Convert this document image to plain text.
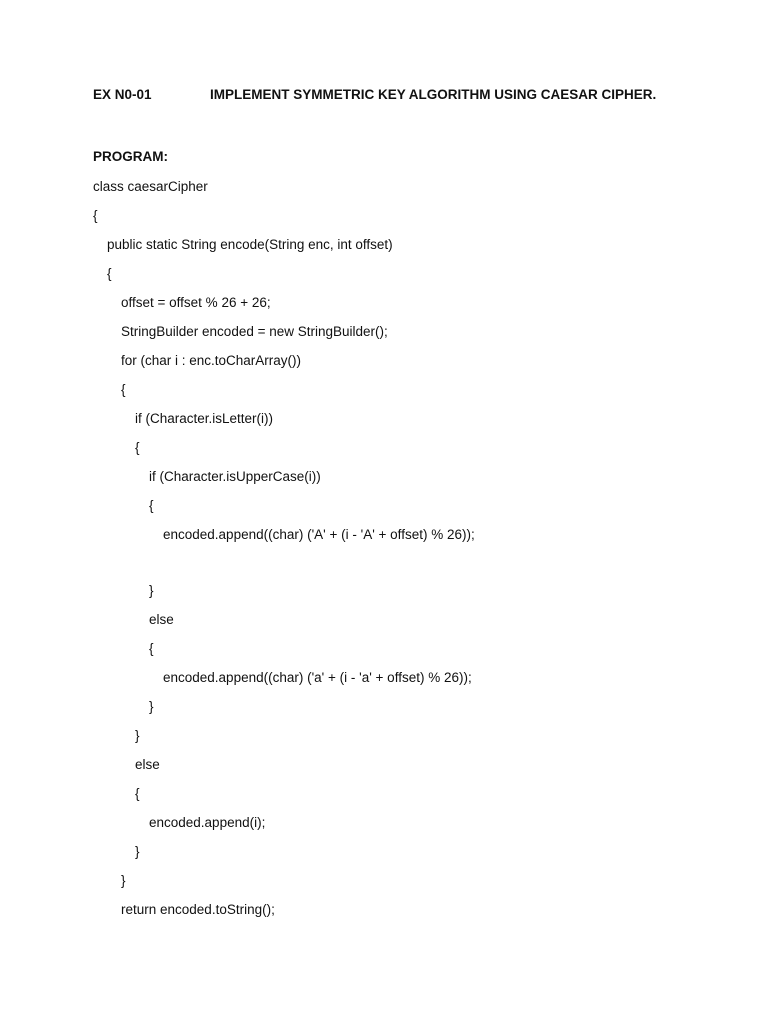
EX N0-01	IMPLEMENT SYMMETRIC KEY ALGORITHM USING CAESAR CIPHER.
PROGRAM:
class caesarCipher
{
public static String encode(String enc, int offset)
{
offset = offset % 26 + 26;
StringBuilder encoded = new StringBuilder();
for (char i : enc.toCharArray())
{
if (Character.isLetter(i))
{
if (Character.isUpperCase(i))
{
encoded.append((char) ('A' + (i - 'A' + offset) % 26));
}
else
{
encoded.append((char) ('a' + (i - 'a' + offset) % 26));
}
}
else
{
encoded.append(i);
}
}
return encoded.toString();
